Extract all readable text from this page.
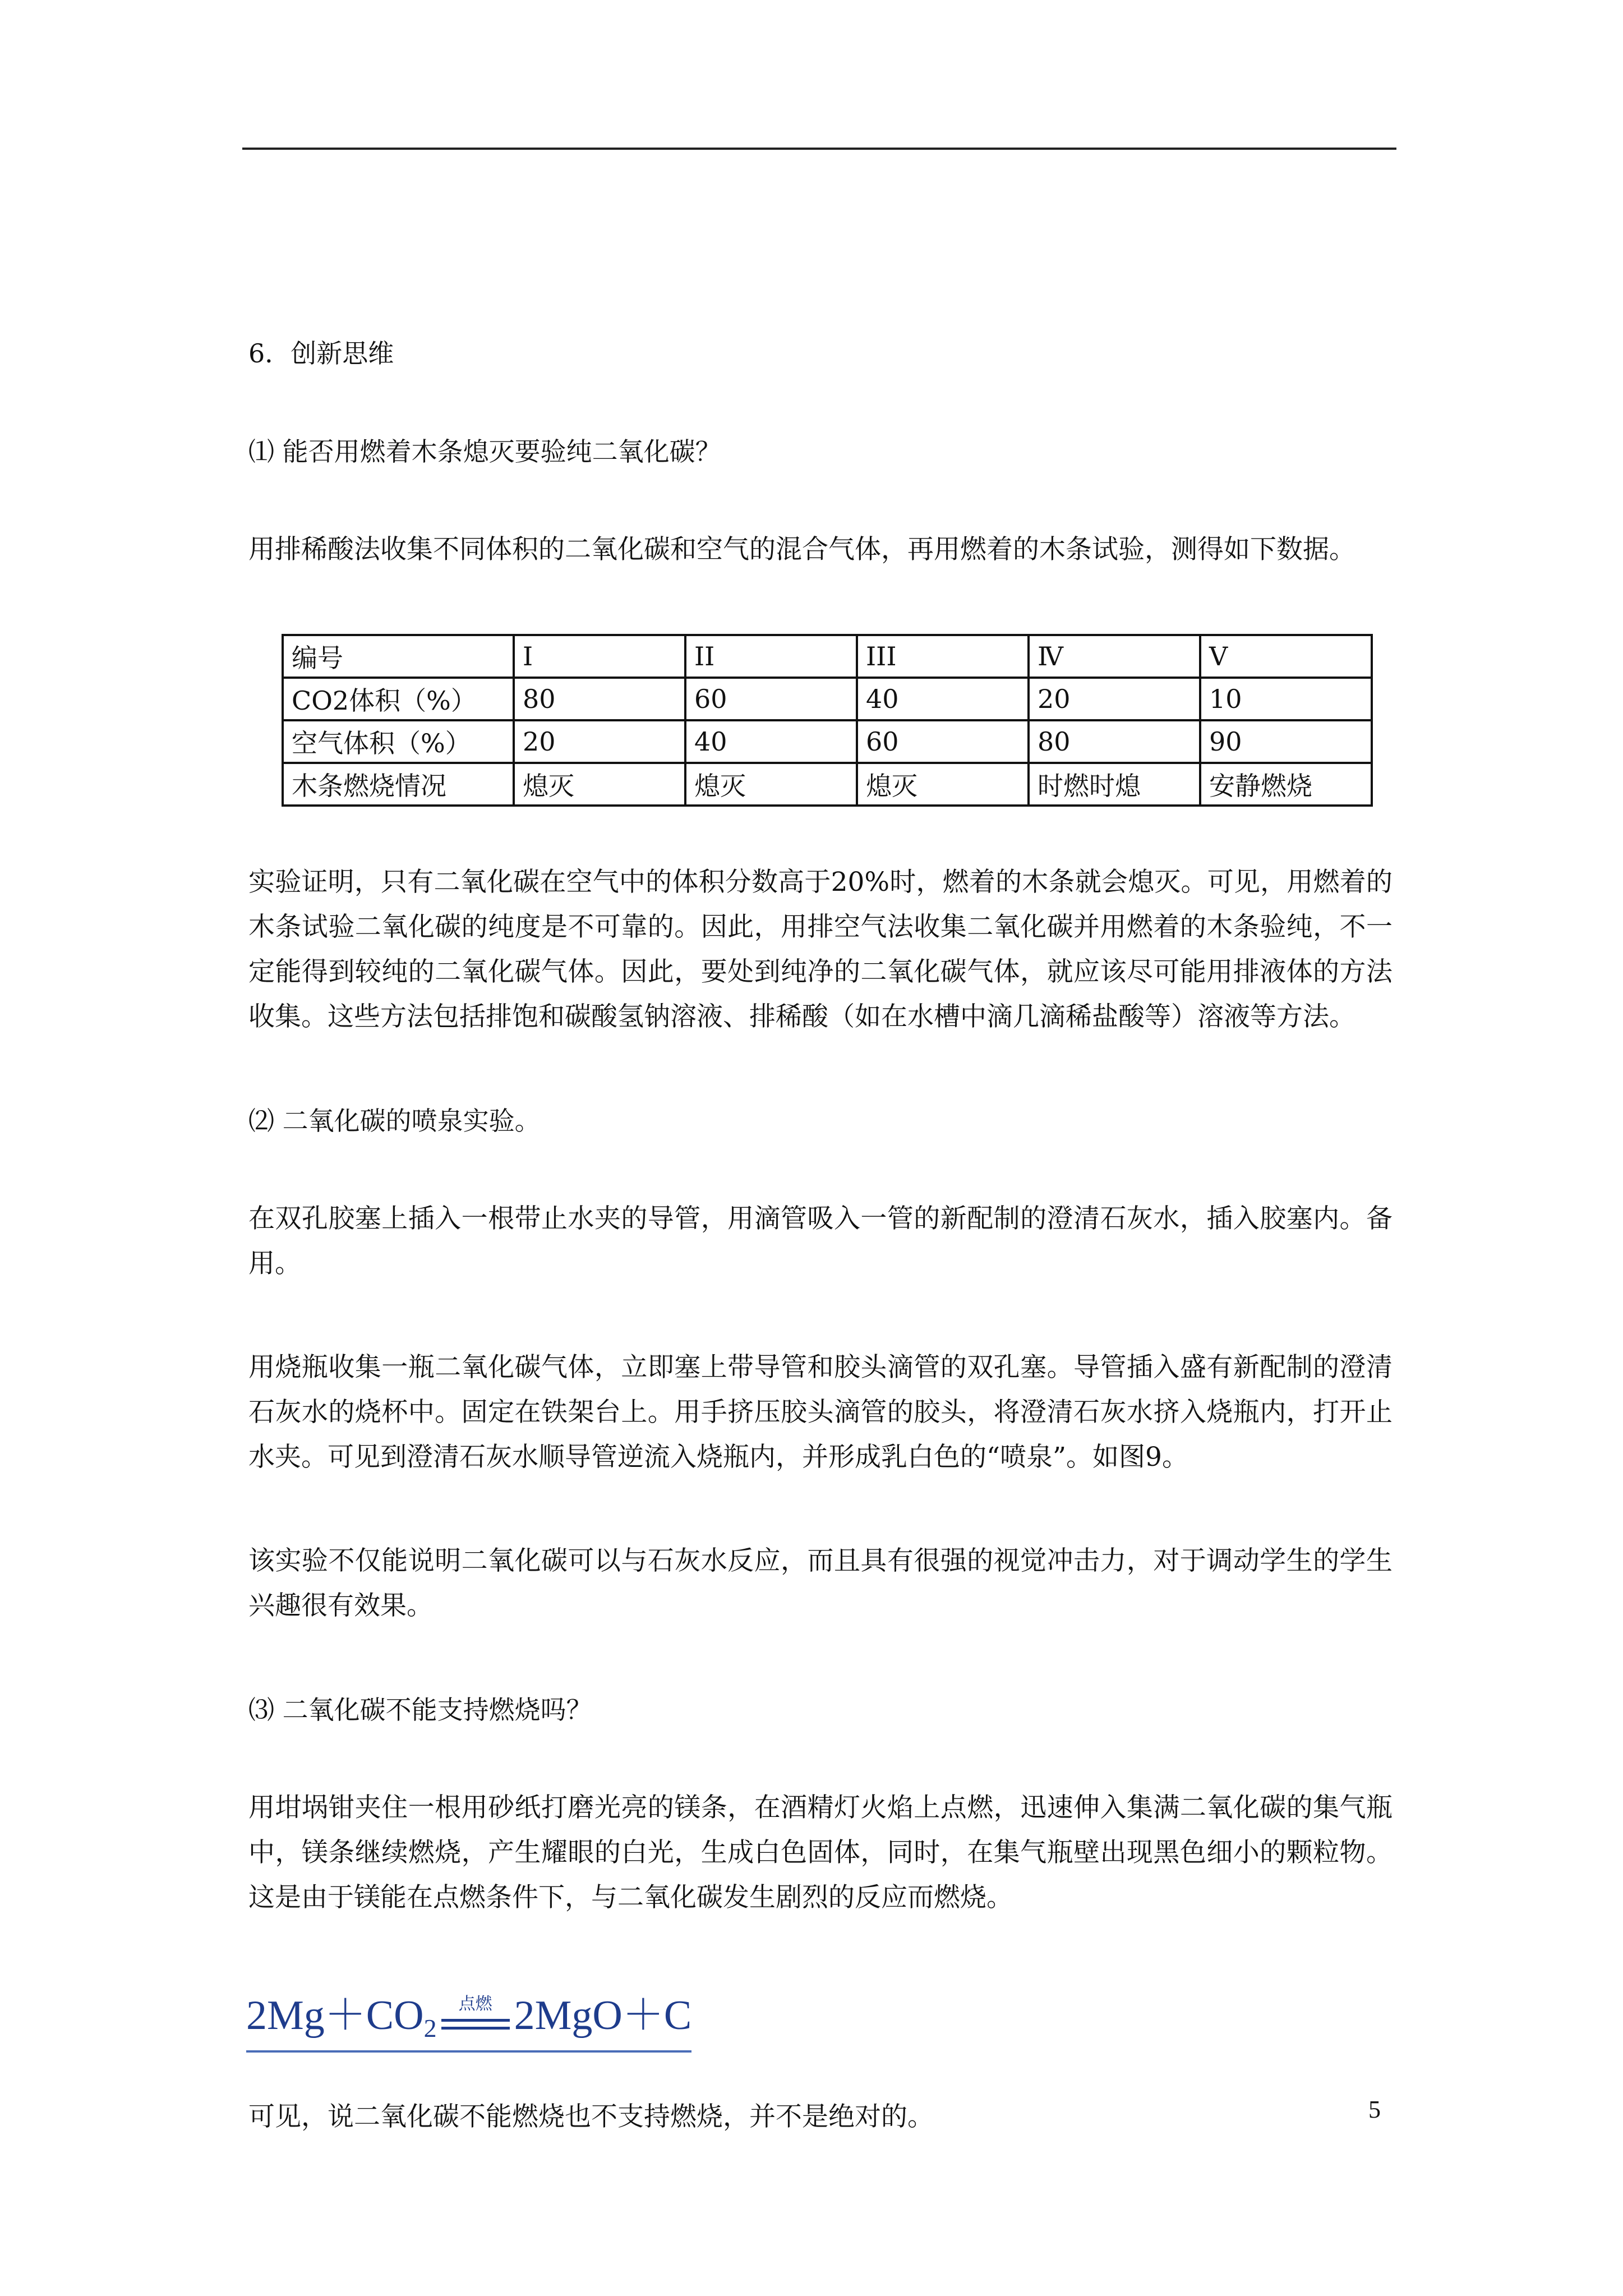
6．创新思维
⑴ 能否用燃着木条熄灭要验纯二氧化碳？

用排稀酸法收集不同体积的二氧化碳和空气的混合气体，再用燃着的木条试验，测得如下数据。

编号	I	II	III	Ⅳ	V
CO2体积（%）	80	60	40	20	10
空气体积（%）	20	40	60	80	90
木条燃烧情况	熄灭	熄灭	熄灭	时燃时熄	安静燃烧

实验证明，只有二氧化碳在空气中的体积分数高于20%时，燃着的木条就会熄灭。可见，用燃着的木条试验二氧化碳的纯度是不可靠的。因此，用排空气法收集二氧化碳并用燃着的木条验纯，不一定能得到较纯的二氧化碳气体。因此，要处到纯净的二氧化碳气体，就应该尽可能用排液体的方法收集。这些方法包括排饱和碳酸氢钠溶液、排稀酸（如在水槽中滴几滴稀盐酸等）溶液等方法。

⑵ 二氧化碳的喷泉实验。

在双孔胶塞上插入一根带止水夹的导管，用滴管吸入一管的新配制的澄清石灰水，插入胶塞内。备用。

用烧瓶收集一瓶二氧化碳气体，立即塞上带导管和胶头滴管的双孔塞。导管插入盛有新配制的澄清石灰水的烧杯中。固定在铁架台上。用手挤压胶头滴管的胶头，将澄清石灰水挤入烧瓶内，打开止水夹。可见到澄清石灰水顺导管逆流入烧瓶内，并形成乳白色的“喷泉”。如图9。

该实验不仅能说明二氧化碳可以与石灰水反应，而且具有很强的视觉冲击力，对于调动学生的学生兴趣很有效果。

⑶ 二氧化碳不能支持燃烧吗？

用坩埚钳夹住一根用砂纸打磨光亮的镁条，在酒精灯火焰上点燃，迅速伸入集满二氧化碳的集气瓶中，镁条继续燃烧，产生耀眼的白光，生成白色固体，同时，在集气瓶壁出现黑色细小的颗粒物。这是由于镁能在点燃条件下，与二氧化碳发生剧烈的反应而燃烧。

2Mg＋CO2
点燃 2MgO＋C

可见，说二氧化碳不能燃烧也不支持燃烧，并不是绝对的。	5
